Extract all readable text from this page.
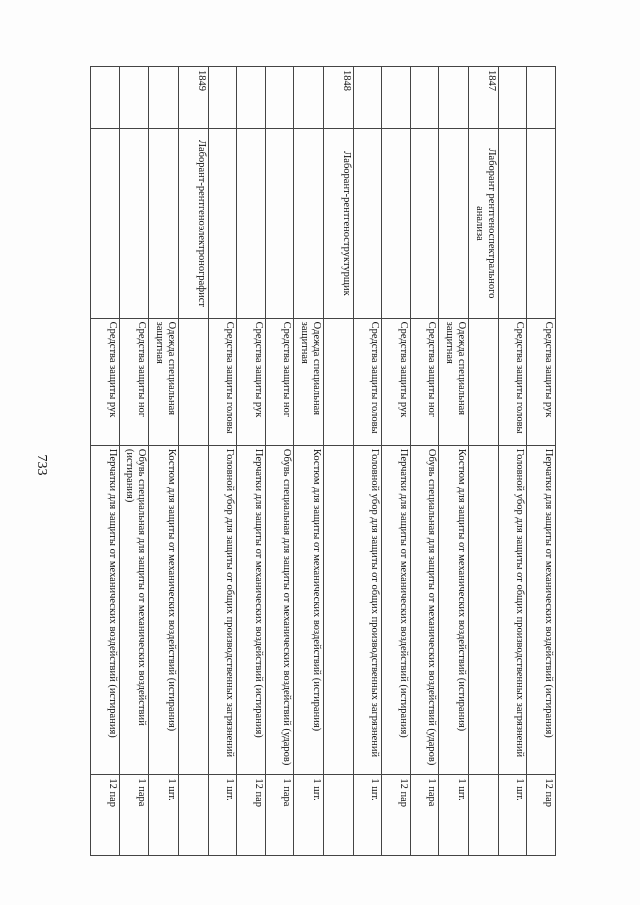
733
		Средства защиты рук	Перчатки для защиты от механических воздействий (истирания)	12 пар
		Средства защиты головы	Головной убор для защиты от общих производственных загрязнений	1 шт.
1847	Лаборант рентгеноспектрального анализа			
		Одежда специальная защитная	Костюм для защиты от механических воздействий (истирания)	1 шт.
		Средства защиты ног	Обувь специальная для защиты от механических воздействий (ударов)	1 пара
		Средства защиты рук	Перчатки для защиты от механических воздействий (истирания)	12 пар
		Средства защиты головы	Головной убор для защиты от общих производственных загрязнений	1 шт.
1848	Лаборант-рентгеноструктурщик			
		Одежда специальная защитная	Костюм для защиты от механических воздействий (истирания)	1 шт.
		Средства защиты ног	Обувь специальная для защиты от механических воздействий (ударов)	1 пара
		Средства защиты рук	Перчатки для защиты от механических воздействий (истирания)	12 пар
		Средства защиты головы	Головной убор для защиты от общих производственных загрязнений	1 шт.
1849	Лаборант-рентгеноэлектронографист			
		Одежда специальная защитная	Костюм для защиты от механических воздействий (истирания)	1 шт.
		Средства защиты ног	Обувь специальная для защиты от механических воздействий (истирания)	1 пара
		Средства защиты рук	Перчатки для защиты от механических воздействий (истирания)	12 пар
